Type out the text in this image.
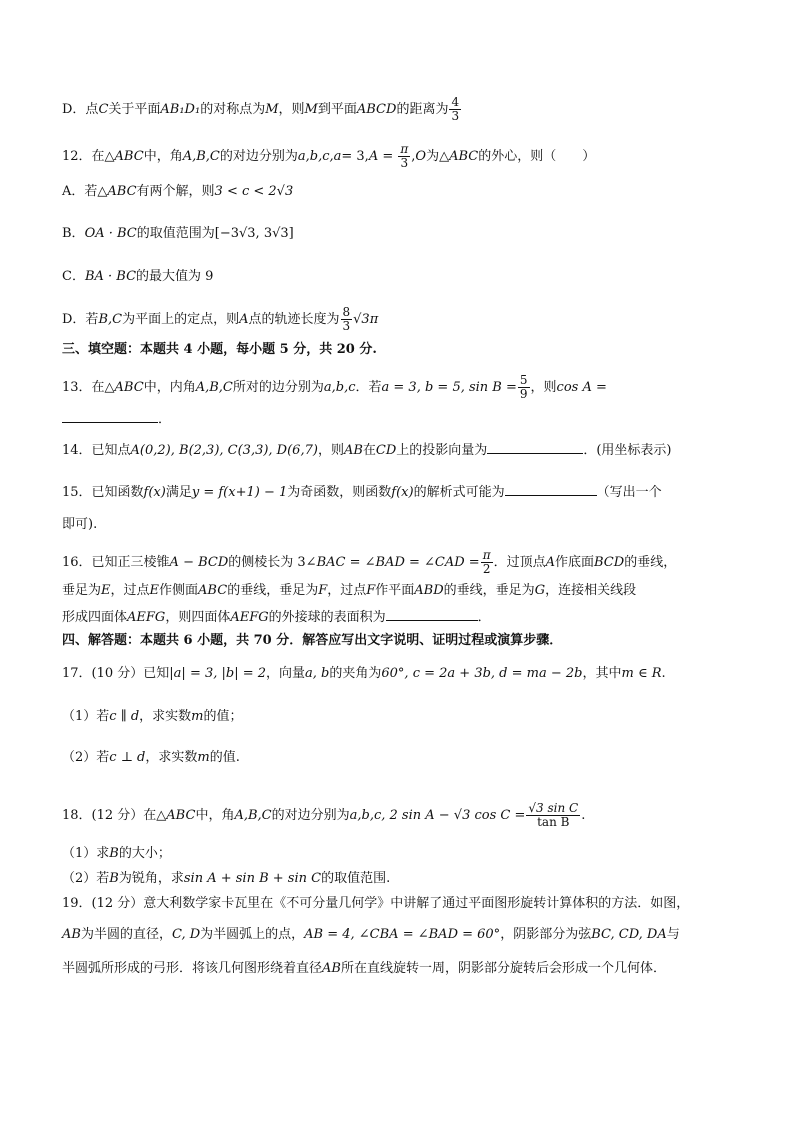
D．点C关于平面AB₁D₁的对称点为M，则M到平面ABCD的距离为 $\frac{4}{3}$
12．在△ABC中，角A,B,C的对边分别为$a,b,c,a= 3,A = \frac{\pi}{3} ,O$为△ABC的外心，则（　　）
A．若△ABC有两个解，则3 < c < 2√3
B．OA · BC的取值范围为[−3√3, 3√3]
C．BA · BC的最大值为 9
D．若B,C为平面上的定点，则A点的轨迹长度为 $\frac{8}{3} √3\pi$
三、填空题：本题共 4 小题，每小题 5 分，共 20 分.
13．在△ABC中，内角A,B,C所对的边分别为a,b,c．若a = 3, b = 5, $\sin B = \frac{5}{9}$ ，则cos A =
．
14．已知点A(0,2), B(2,3), C(3,3), D(6,7)，则AB在CD上的投影向量为	．(用坐标表示)
15．已知函数f(x)满足y = f(x+1) − 1为奇函数，则函数f(x)的解析式可能为	（写出一个
即可).
16．已知正三棱锥A − BCD的侧棱长为 3∠BAC = ∠BAD = ∠CAD = $\frac{\pi}{2}$ ．过顶点A作底面BCD的垂线，
垂足为E，过点E作侧面ABC的垂线，垂足为F，过点F作平面ABD的垂线，垂足为G，连接相关线段
形成四面体AEFG，则四面体AEFG的外接球的表面积为	．
四、解答题：本题共 6 小题，共 70 分．解答应写出文字说明、证明过程或演算步骤．
17．(10 分）已知|a| = 3, |b| = 2，向量a, b的夹角为60°, c = 2a + 3b, d = ma − 2b，其中m ∈ R.
（1）若c ∥ d，求实数m的值；
（2）若c ⊥ d，求实数m的值.
18．(12 分）在△ABC中，角A,B,C的对边分别为a,b,c, 2 sin A − √3 $\cos C = \frac{\text{√3 sin C}}{\text{tan B}}$ .
（1）求B的大小；
（2）若B为锐角，求sin A + sin B + sin C的取值范围.
19．(12 分）意大利数学家卡瓦里在《不可分量几何学》中讲解了通过平面图形旋转计算体积的方法．如图，
AB为半圆的直径，C, D为半圆弧上的点，AB = 4, ∠CBA = ∠BAD = 60°，阴影部分为弦BC, CD, DA与
半圆弧所形成的弓形．将该几何图形绕着直径AB所在直线旋转一周，阴影部分旋转后会形成一个几何体．
